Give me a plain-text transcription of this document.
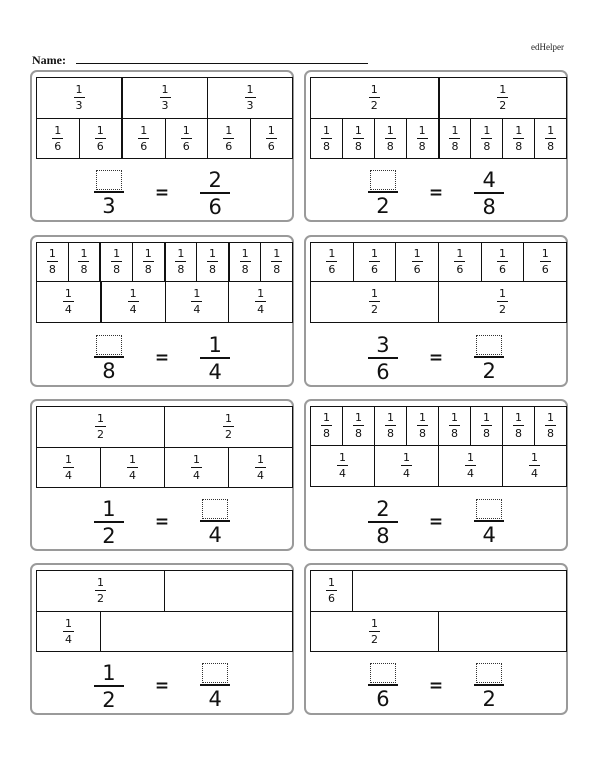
edHelper
Name:
1
3
1
3
1
3
1
6
1
6
1
6
1
6
1
6
1
6
3
=
2
6
1
2
1
2
1
8
1
8
1
8
1
8
1
8
1
8
1
8
1
8
2
=
4
8
1
8
1
8
1
8
1
8
1
8
1
8
1
8
1
8
1
4
1
4
1
4
1
4
8
=
1
4
1
6
1
6
1
6
1
6
1
6
1
6
1
2
1
2
3
6
=
2
1
2
1
2
1
4
1
4
1
4
1
4
1
2
=
4
1
8
1
8
1
8
1
8
1
8
1
8
1
8
1
8
1
4
1
4
1
4
1
4
2
8
=
4
1
2
1
4
1
2
=
4
1
6
1
2
6
=
2
